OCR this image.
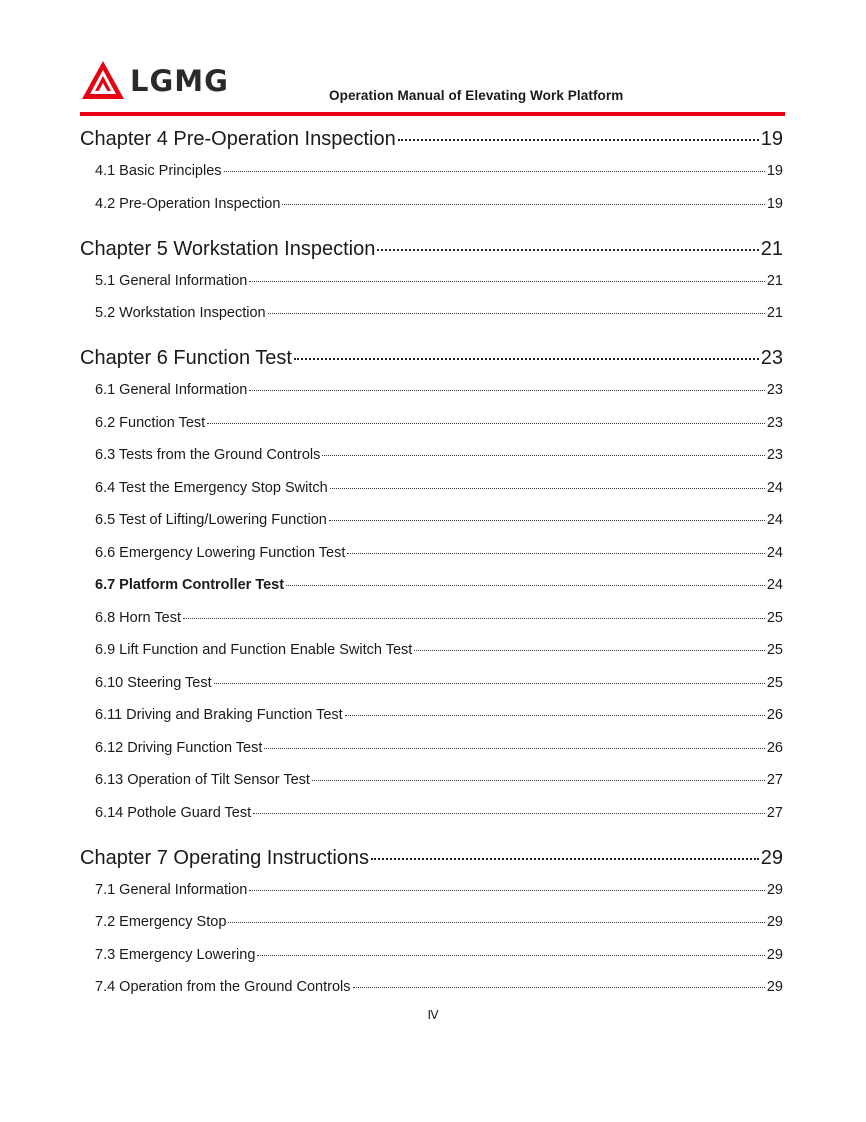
LGMG	Operation Manual of Elevating Work Platform
Chapter 4 Pre-Operation Inspection	19
4.1 Basic Principles	19
4.2 Pre-Operation Inspection	19
Chapter 5 Workstation Inspection	21
5.1 General Information	21
5.2 Workstation Inspection	21
Chapter 6 Function Test	23
6.1 General Information	23
6.2 Function Test	23
6.3 Tests from the Ground Controls	23
6.4 Test the Emergency Stop Switch	24
6.5 Test of Lifting/Lowering Function	24
6.6 Emergency Lowering Function Test	24
6.7 Platform Controller Test	24
6.8 Horn Test	25
6.9 Lift Function and Function Enable Switch Test	25
6.10 Steering Test	25
6.11 Driving and Braking Function Test	26
6.12 Driving Function Test	26
6.13 Operation of Tilt Sensor Test	27
6.14 Pothole Guard Test	27
Chapter 7 Operating Instructions	29
7.1 General Information	29
7.2 Emergency Stop	29
7.3 Emergency Lowering	29
7.4 Operation from the Ground Controls	29
Ⅳ
